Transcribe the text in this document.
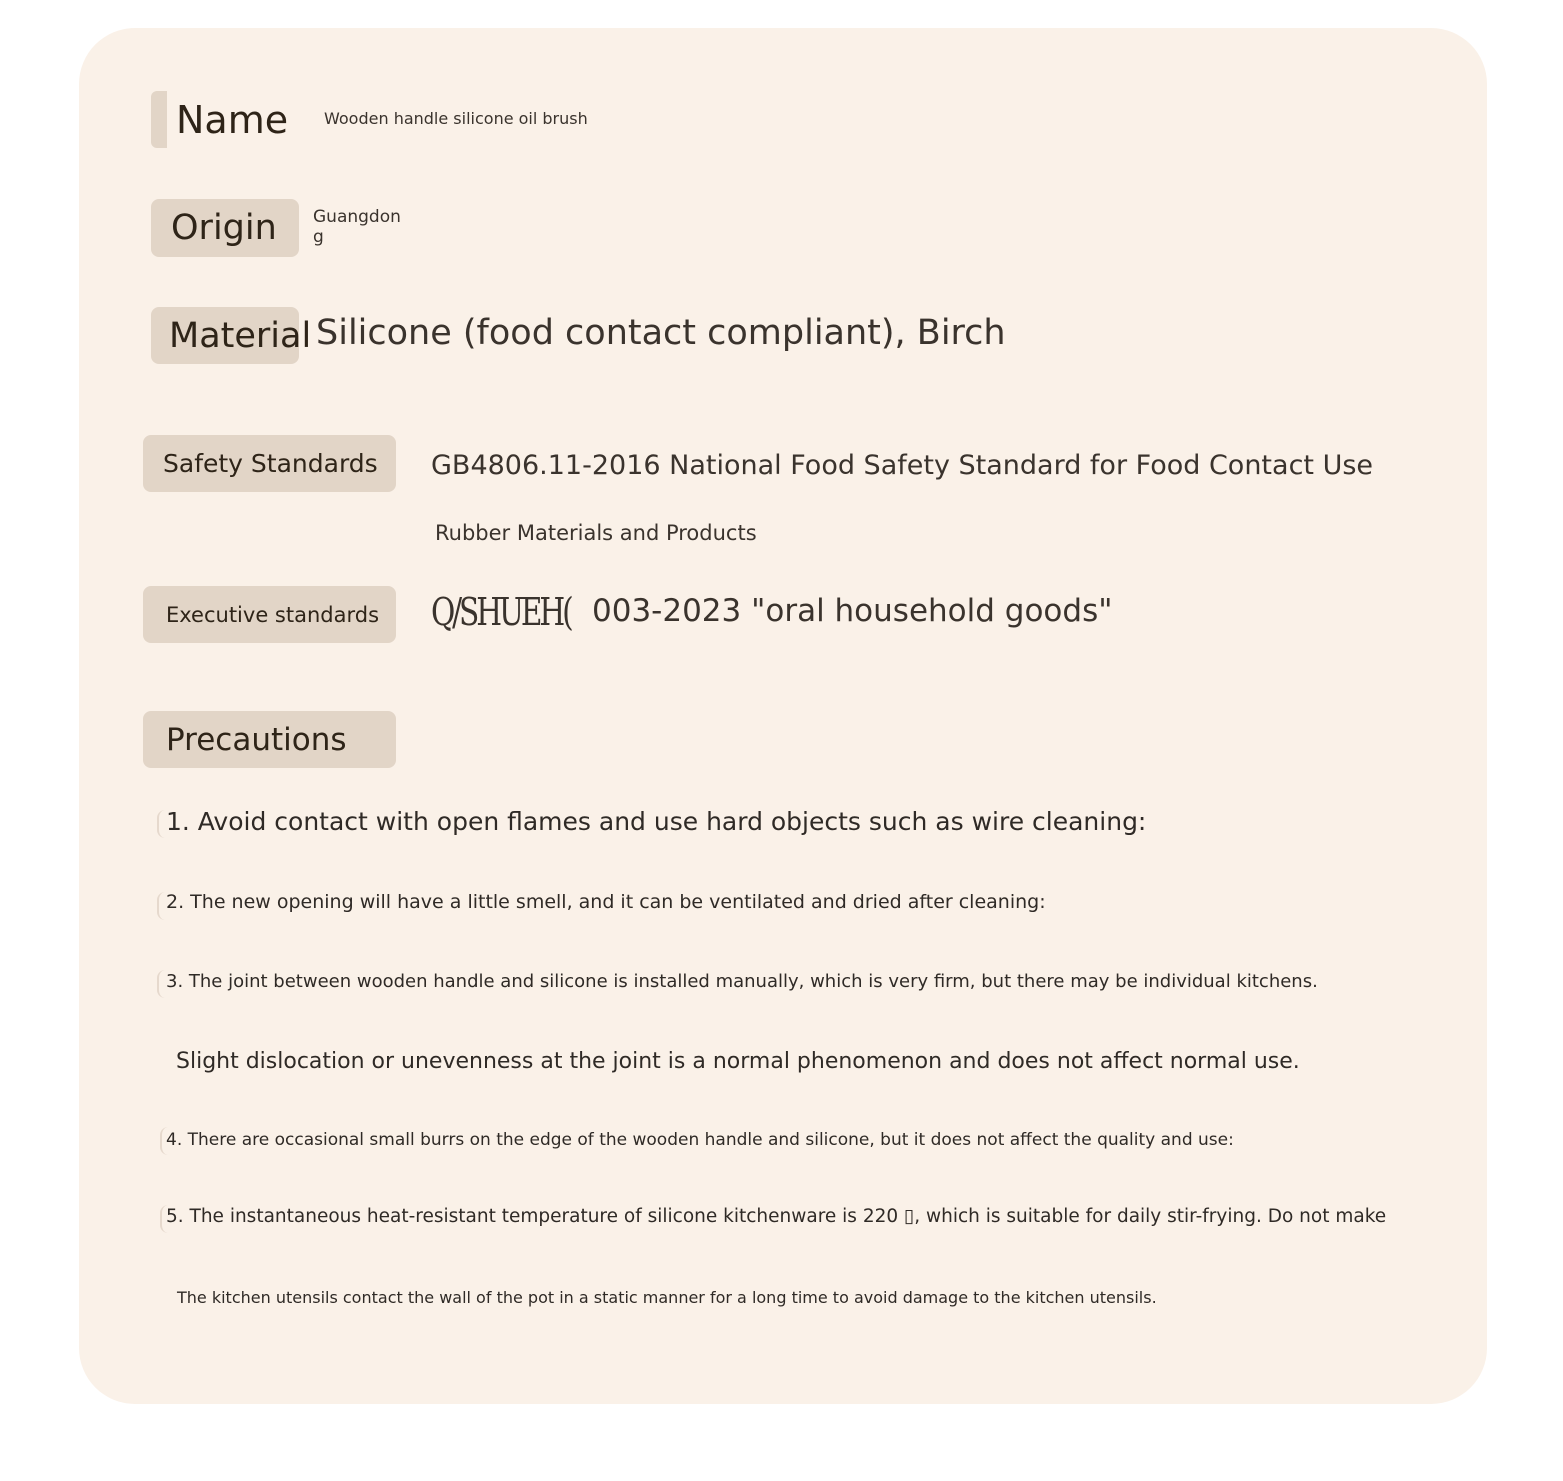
Name Wooden handle silicone oil brush
Origin Guangdon
g
Material Silicone (food contact compliant), Birch
Safety Standards GB4806.11-2016 National Food Safety Standard for Food Contact Use
Rubber Materials and Products
Executive standards Q/SHUEH( 003-2023 "oral household goods"
Precautions
1. Avoid contact with open flames and use hard objects such as wire cleaning:
2. The new opening will have a little smell, and it can be ventilated and dried after cleaning:
3. The joint between wooden handle and silicone is installed manually, which is very firm, but there may be individual kitchens.
Slight dislocation or unevenness at the joint is a normal phenomenon and does not affect normal use.
4. There are occasional small burrs on the edge of the wooden handle and silicone, but it does not affect the quality and use:
5. The instantaneous heat-resistant temperature of silicone kitchenware is 220 ▯, which is suitable for daily stir-frying. Do not make
The kitchen utensils contact the wall of the pot in a static manner for a long time to avoid damage to the kitchen utensils.
